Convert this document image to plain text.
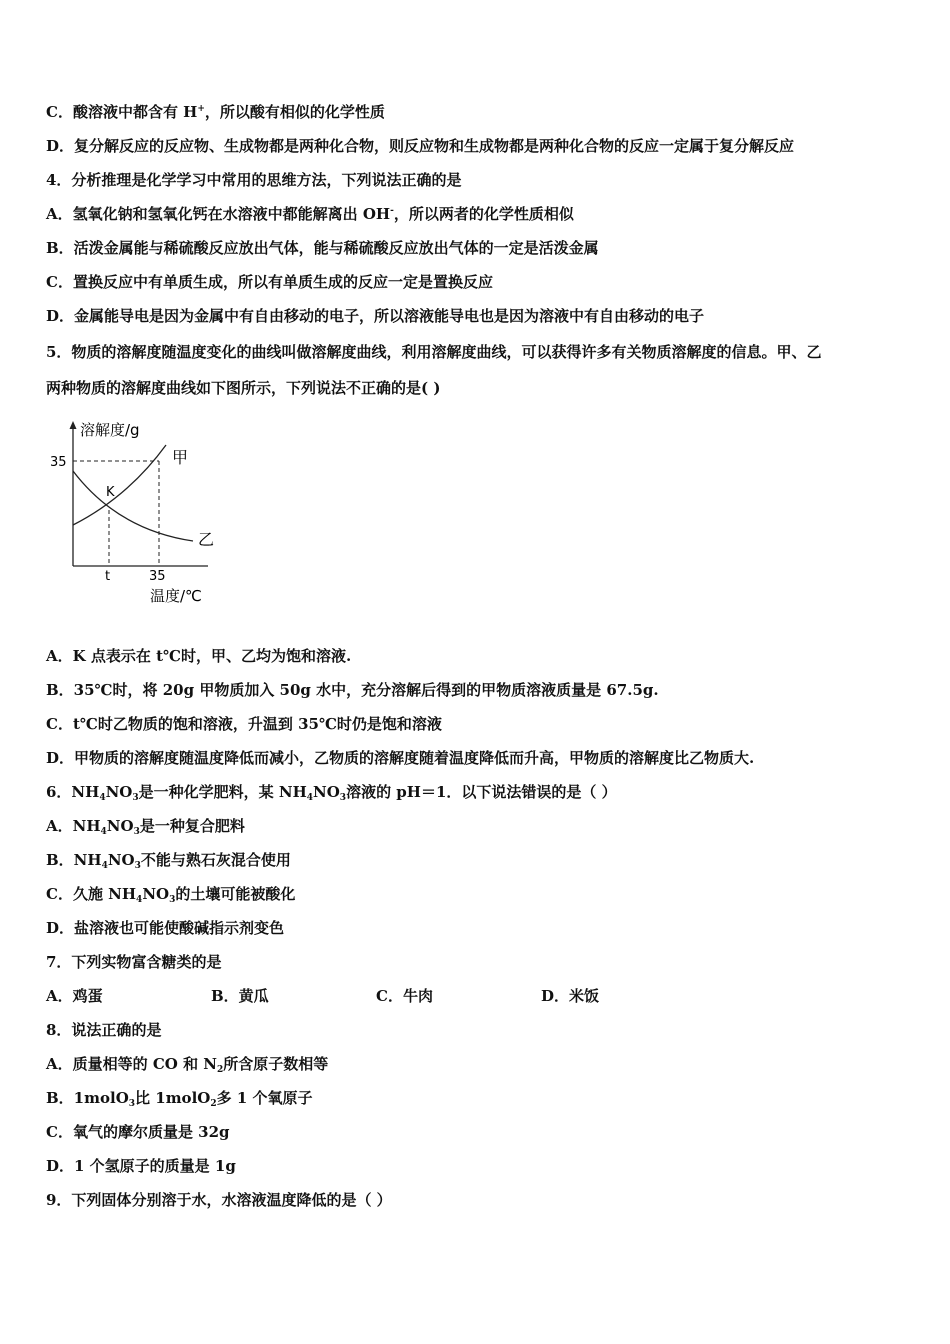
C．酸溶液中都含有 H+，所以酸有相似的化学性质
D．复分解反应的反应物、生成物都是两种化合物，则反应物和生成物都是两种化合物的反应一定属于复分解反应
4．分析推理是化学学习中常用的思维方法，下列说法正确的是
A．氢氧化钠和氢氧化钙在水溶液中都能解离出 OH-，所以两者的化学性质相似
B．活泼金属能与稀硫酸反应放出气体，能与稀硫酸反应放出气体的一定是活泼金属
C．置换反应中有单质生成，所以有单质生成的反应一定是置换反应
D．金属能导电是因为金属中有自由移动的电子，所以溶液能导电也是因为溶液中有自由移动的电子
5．物质的溶解度随温度变化的曲线叫做溶解度曲线，利用溶解度曲线，可以获得许多有关物质溶解度的信息。甲、乙
两种物质的溶解度曲线如下图所示，下列说法不正确的是( )
溶解度/g
35
K
甲
乙
t	35
温度/℃
A．K 点表示在 t℃时，甲、乙均为饱和溶液.
B．35℃时，将 20g 甲物质加入 50g 水中，充分溶解后得到的甲物质溶液质量是 67.5g.
C．t℃时乙物质的饱和溶液，升温到 35℃时仍是饱和溶液
D．甲物质的溶解度随温度降低而减小，乙物质的溶解度随着温度降低而升高，甲物质的溶解度比乙物质大.
6．$NH_4NO_3$是一种化学肥料，某 $NH_4NO_3$溶液的 pH＝1．以下说法错误的是（ ）
A．$NH_4NO_3$是一种复合肥料
B．$NH_4NO_3$不能与熟石灰混合使用
C．久施 $NH_4NO_3$的土壤可能被酸化
D．盐溶液也可能使酸碱指示剂变色
7．下列实物富含糖类的是
A．鸡蛋	B．黄瓜	C．牛肉	D．米饭
8．说法正确的是
A．质量相等的 CO 和 $N_2$所含原子数相等
B．1molO$_3$比 1molO$_2$多 1 个氧原子
C．氧气的摩尔质量是 32g
D．1 个氢原子的质量是 1g
9．下列固体分别溶于水，水溶液温度降低的是（ ）
